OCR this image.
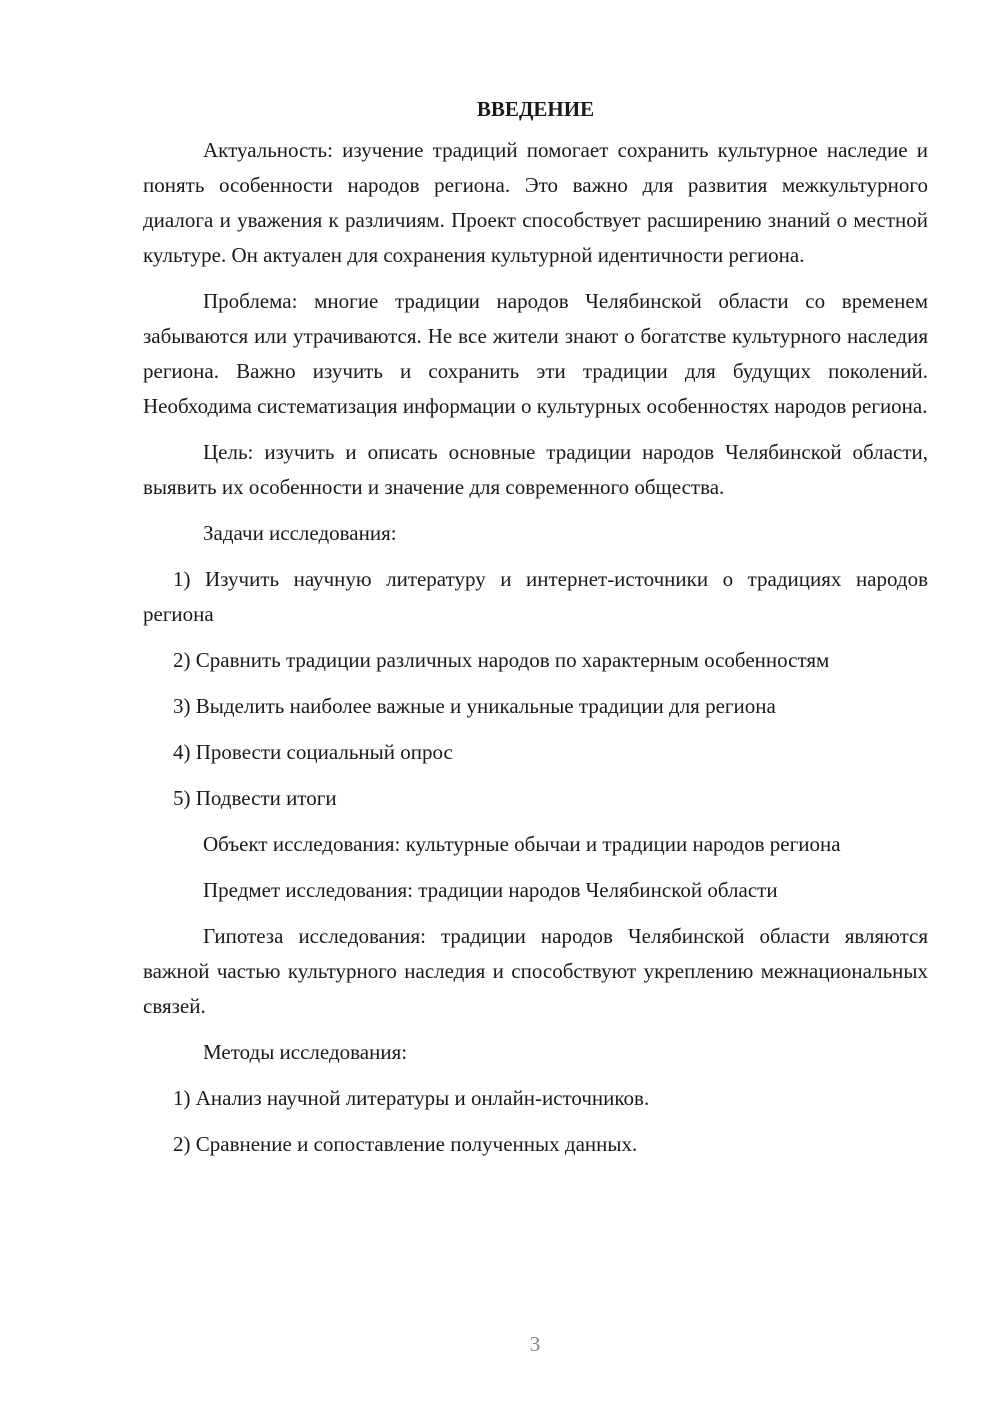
ВВЕДЕНИЕ

Актуальность: изучение традиций помогает сохранить культурное наследие и понять особенности народов региона. Это важно для развития межкультурного диалога и уважения к различиям. Проект способствует расширению знаний о местной культуре. Он актуален для сохранения культурной идентичности региона.

Проблема: многие традиции народов Челябинской области со временем забываются или утрачиваются. Не все жители знают о богатстве культурного наследия региона. Важно изучить и сохранить эти традиции для будущих поколений. Необходима систематизация информации о культурных особенностях народов региона.

Цель: изучить и описать основные традиции народов Челябинской области, выявить их особенности и значение для современного общества.

Задачи исследования:

1) Изучить научную литературу и интернет-источники о традициях народов региона

2) Сравнить традиции различных народов по характерным особенностям

3) Выделить наиболее важные и уникальные традиции для региона

4) Провести социальный опрос

5) Подвести итоги

Объект исследования: культурные обычаи и традиции народов региона

Предмет исследования: традиции народов Челябинской области

Гипотеза исследования: традиции народов Челябинской области являются важной частью культурного наследия и способствуют укреплению межнациональных связей.

Методы исследования:

1) Анализ научной литературы и онлайн-источников.

2) Сравнение и сопоставление полученных данных.

3
